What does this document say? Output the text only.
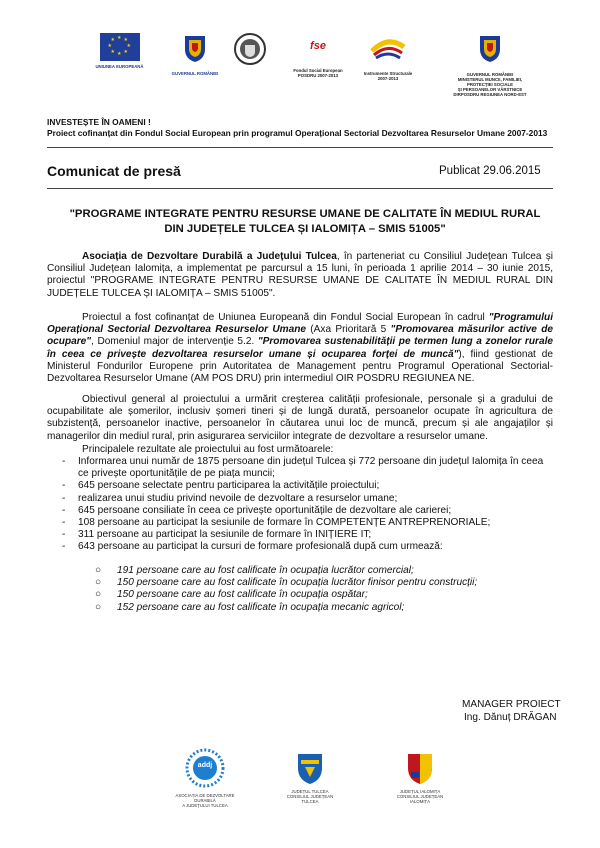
★ ★
★
★
★
★
★
★
UNIUNEA EUROPEANĂ
GUVERNUL ROMÂNIEI
fse
Fondul Social European
POSDRU 2007-2013	Instrumente Structurale
2007-2013
GUVERNUL ROMÂNIEI
MINISTERUL MUNCII, FAMILIEI,
PROTECȚIEI SOCIALE
ȘI PERSOANELOR VÂRSTNICE
DIRPOSDRU REGIUNEA NORD-EST
INVESTEȘTE ÎN OAMENI !
Proiect cofinanțat din Fondul Social European prin programul Operațional Sectorial Dezvoltarea Resurselor Umane 2007-2013
Comunicat de presă	Publicat 29.06.2015
"PROGRAME INTEGRATE PENTRU RESURSE UMANE DE CALITATE ÎN MEDIUL RURAL
DIN JUDEȚELE TULCEA ȘI IALOMIȚA – SMIS 51005"
Asociația de Dezvoltare Durabilă a Județului Tulcea, în parteneriat cu Consiliul Județean Tulcea și Consiliul Județean Ialomița, a implementat pe parcursul a 15 luni, în perioada 1 aprilie 2014 – 30 iunie 2015, proiectul "PROGRAME INTEGRATE PENTRU RESURSE UMANE DE CALITATE ÎN MEDIUL RURAL DIN JUDEȚELE TULCEA ȘI IALOMIȚA – SMIS 51005".
Proiectul a fost cofinanțat de Uniunea Europeană din Fondul Social European în cadrul "Programului Operațional Sectorial Dezvoltarea Resurselor Umane (Axa Prioritară 5 "Promovarea măsurilor active de ocupare", Domeniul major de intervenție 5.2. "Promovarea sustenabilității pe termen lung a zonelor rurale în ceea ce privește dezvoltarea resurselor umane și ocuparea forței de muncă"), fiind gestionat de Ministerul Fondurilor Europene prin Autoritatea de Management pentru Programul Operational Sectorial-Dezvoltarea Resurselor Umane (AM POS DRU) prin intermediul OIR POSDRU REGIUNEA NE.
Obiectivul general al proiectului a urmărit creșterea calității profesionale, personale și a gradului de ocupabilitate ale șomerilor, inclusiv șomeri tineri și de lungă durată, persoanelor ocupate în agricultura de subzistență, persoanelor inactive, persoanelor în căutarea unui loc de muncă, precum și ale angajaților și managerilor din mediul rural, prin asigurarea serviciilor integrate de dezvoltare a resurselor umane.
Principalele rezultate ale proiectului au fost următoarele:
- Informarea unui număr de 1875 persoane din județul Tulcea și 772 persoane din județul Ialomița în ceea ce privește oportunitățile de pe piața muncii;
- 645 persoane selectate pentru participarea la activitățile proiectului;
- realizarea unui studiu privind nevoile de dezvoltare a resurselor umane;
- 645 persoane consiliate în ceea ce privește oportunitățile de dezvoltare ale carierei;
- 108 persoane au participat la sesiunile de formare în COMPETENȚE ANTREPRENORIALE;
- 311 persoane au participat la sesiunile de formare în INIȚIERE IT;
- 643 persoane au participat la cursuri de formare profesională după cum urmează:
○ 191 persoane care au fost calificate în ocupația lucrător comercial;
○ 150 persoane care au fost calificate în ocupația lucrător finisor pentru construcții;
○ 150 persoane care au fost calificate în ocupația ospătar;
○ 152 persoane care au fost calificate în ocupația mecanic agricol;
MANAGER PROIECT
Ing. Dănuț DRĂGAN
addj
ASOCIAȚIA DE DEZVOLTARE DURABILĂ
A JUDEȚULUI TULCEA
JUDEȚUL TULCEA
CONSILIUL JUDEȚEAN TULCEA
JUDEȚUL IALOMIȚA
CONSILIUL JUDEȚEAN IALOMIȚA
